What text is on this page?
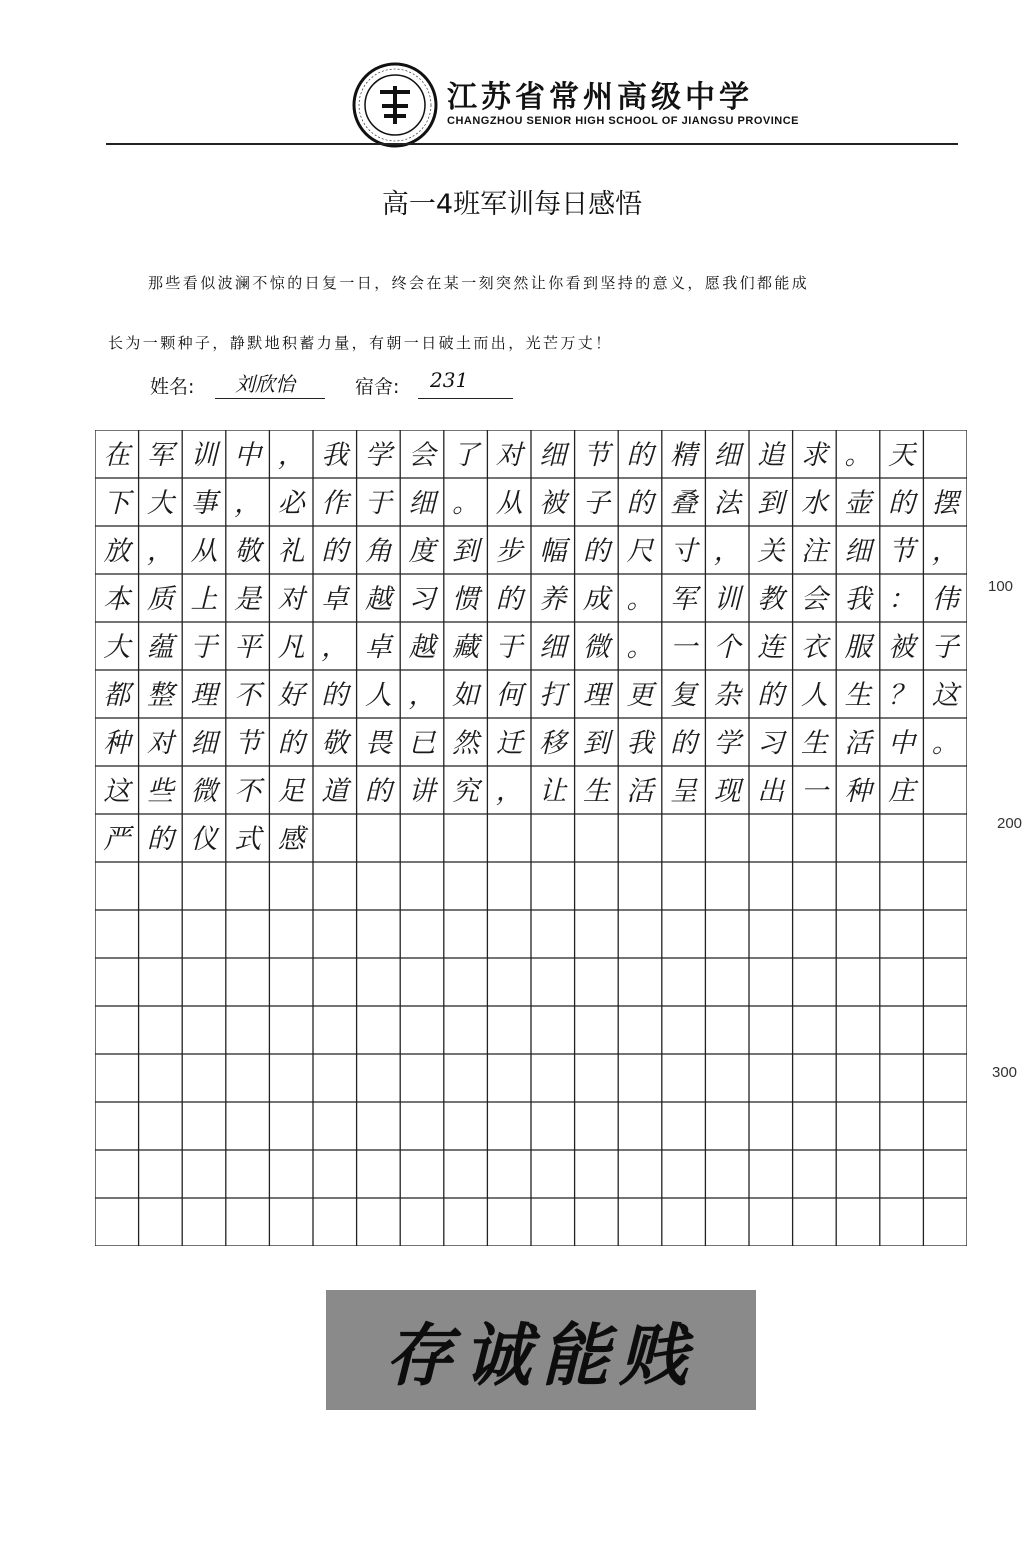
江苏省常州高级中学
CHANGZHOU SENIOR HIGH SCHOOL OF JIANGSU PROVINCE
高一4班军训每日感悟
那些看似波澜不惊的日复一日，终会在某一刻突然让你看到坚持的意义，愿我们都能成
长为一颗种子，静默地积蓄力量，有朝一日破土而出，光芒万丈！
姓名: 刘欣怡	宿舍: 231
在 军 训 中 ， 我 学 会 了 对 细 节 的 精 细 追 求 。 天
下 大 事 ， 必 作 于 细 。 从 被 子 的 叠 法 到 水 壶 的 摆
放 ， 从 敬 礼 的 角 度 到 步 幅 的 尺 寸 ， 关 注 细 节 ，
本 质 上 是 对 卓 越 习 惯 的 养 成 。 军 训 教 会 我 ： 伟
大 蕴 于 平 凡 ， 卓 越 藏 于 细 微 。 一 个 连 衣 服 被 子
都 整 理 不 好 的 人 ， 如 何 打 理 更 复 杂 的 人 生 ？ 这
种 对 细 节 的 敬 畏 已 然 迁 移 到 我 的 学 习 生 活 中 。
这 些 微 不 足 道 的 讲 究 ， 让 生 活 呈 现 出 一 种 庄
严 的 仪 式 感
100
200
300
存诚能贱
